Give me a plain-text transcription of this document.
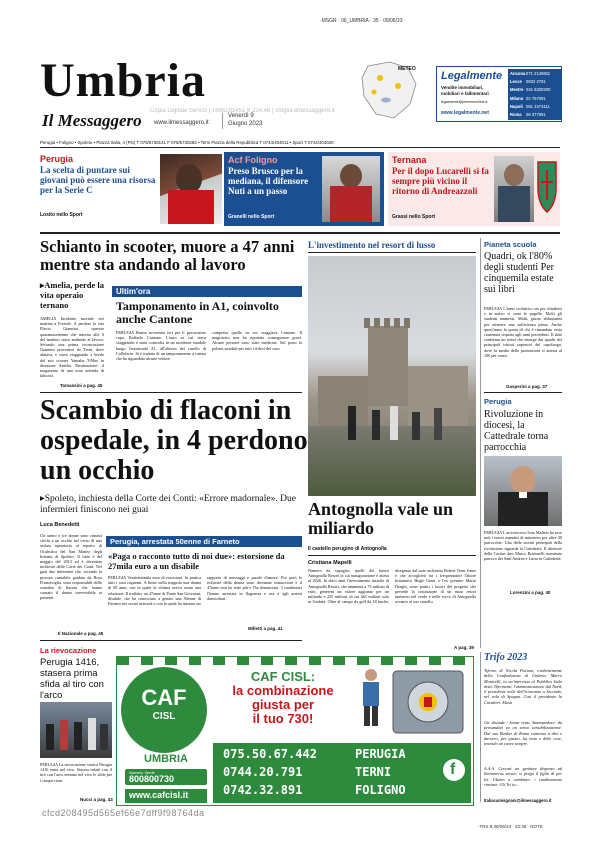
·MSGR · 06_UMBRIA · 35 · 09/06/23 ·
Umbria
Il Messaggero www.ilmessaggero.it
Venerdì 9
Giugno 2023
Copia Digitale Servizi | 1686291451 8 224.48 | sfoglia.ilmessaggero.it
METEO
Legalmente
Vendite immobiliari,
mobiliari e fallimentari
legalmente@piemmeonline.it
www.legalmente.net
Ancona071 2149811
Lecce 0832 2781
Mestre 041 5320200
Milano 02 757091
Napoli 081 2473111
Roma 06 377081
Perugia • Foligno • Spoleto • Piazza Italia, 4 (PG) T 075/5736141 F 075/5730282 • Terni Piazza della Repubblica T 0744/404011 • Sport T 0744/404020
Perugia
La scelta di puntare sui giovani può essere una risorsa per la Serie C
Losito nello Sport
Acf Foligno
Preso Brusco per la mediana, il difensore Nuti a un passo
Granelli nello Sport
Ternana
Per il dopo Lucarelli si fa sempre più vicino il ritorno di Andreazzoli
Grassi nello Sport
Schianto in scooter, muore a 47 anni mentre sta andando al lavoro
▸Amelia, perde la vita operaio ternano
AMELIA Incidente mortale ieri mattina a Fornole. A perdere la vita Flavio Giannini, operaio quarantasettenne che intorno alle 6 del mattino stava andando al lavoro. Secondo una prima ricostruzione Giannini proveniva da Terni, dove abitava, e stava viaggiando a bordo del suo scooter Yamaha T-Max in direzione Amelia. Destinazione: il magazzino di una nota azienda di latticini.
Tomassini a pag. 45
Ultim'ora
Tamponamento in A1, coinvolto anche Cantone
PERUGIA Brutta avventura ieri per il procuratore capo, Raffaele Cantone. L'auto su cui stava viaggiando è stata coinvolta in un incidente stradale lungo l'autostrada A1, all'altezza del casello di Colleferro. Si è trattato di un tamponamento a catena che ha riguardato alcune vetture,
compresa quella su cui viaggiava Cantone. Il magistrato non ha riportato conseguenze gravi. Alcune persone sono state medicate. Sul posto la polizia stradale per tutti i rilievi del caso.
Scambio di flaconi in ospedale, in 4 perdono un occhio
▸Spoleto, inchiesta della Corte dei Conti: «Errore madornale». Due infermieri finiscono nei guai
Luca Benedetti
Un uomo e tre donne sono rimasti ciechi a un occhio nel corso di una seduta operatoria al reparto di Oculistica del San Matteo degli Infermi di Spoleto. Il fatto è del maggio del 2013 ed è diventato inchiesta della Corte dei Conti. Nei guai due infermieri che, secondo la procura contabile guidata da Rosa Francaviglia, sono responsabili dello scambio di flaconi che hanno causato il danno irreversibile ai pazienti.
Il Nazionale a pag. 45
Perugia, arrestata 50enne di Farneto
«Paga o racconto tutto di noi due»: estorsione da 27mila euro a un disabile
PERUGIA Ventisettemila euro di estorsioni. In pratica tutti i suoi risparmi. A finire nella trappola una donna di 50 anni, con la quale la vittima aveva avuto una relazione. Il truffato, un 47enne di Ponte San Giovanni, disabile, che ha conosciuto a genaio una 50enne di Farneto nei social network e con la quale ha iniziato un
rapporto di messaggi e parole d'amore. Poi però le richieste della donna sono diventate minacciose e il 47enne non ha retto più e l'ha denunciata. 3 carabinieri l'hanno arrestata in flagranza e ora è agli arresti domiciliari.
Milletti a pag. 41
La rievocazione
Perugia 1416, stasera prima sfida al tiro con l'arco
PERUGIA La rievocazione storica Perugia 1416 entra nel vivo. Stasera infatti con il tiro con l'arco entrano nel vivo le sfide per i cinque rioni.
Nucci a pag. 43
CAF
CISL
UMBRIA
CAF CISL:
la combinazione
giusta per
il tuo 730!
Numero Verde
800800730
www.cafcisl.it
075.50.67.442	PERUGIA
0744.20.791	TERNI
0742.32.891	FOLIGNO
f
L'investimento nel resort di lusso
Antognolla vale un miliardo
Il castello perugino di Antognolla
Cristiana Mapelli
Numero da capogiro, quelli del futuro Antognolla Resort la cui inaugurazione è attesa al 2026. In dieci anni l'investimento iniziale di Antognolla Resort, che ammonta a 73 milioni di euro, genererà un valore aggiunto per un miliardo e 225 milioni, di cui 461 milioni solo in Umbria. Oltre al campo da golf da 18 buche, disegnato dal noto architetto Robert Trent Jones e che accoglierà tra i frequentatori l'attore britannico Hugh Grant e l'ex premier Mario Draghi, sono partiti i lavori del progetto che prevede la costruzione di un maxi resort immerso nel verde e nelle rocce di Antognolla accanto al suo castello.
A pag. 39
Pianeta scuola
Quadri, ok l'80% degli studenti Per cinquemila estate sui libri
PERUGIA L'anno scolastico sta per chiudersi e in arrivo ci sono le pagelle. Molti gli studenti ammessi. Molti, giusto abbastanza per ottenere una sufficienza piena. Anche quest'anno la quota di chi è rimandato resta contenuta rispetto agli anni precedenti. Il dato conferma un trend che emerge dai quadri dei principali istituti superiori del capoluogo, dove la media delle promozioni si attesta al 100 per cento.
Gasperini a pag. 37
Perugia
Rivoluzione in diocesi, la Cattedrale torna parrocchia
PERUGIA L'arcivescovo Ivan Maffeis ha reso noti i nuovi mandati di ministero per oltre 40 parrocchie. Una delle novità principali della rivoluzione riguarda la Cattedrale. Il direttore della Caritas don Marco Briziarelli nominato parroco dei Sant'Andrea e Lucia in Cattedrale.
Lorenzini a pag. 40
Trifo 2023
Tiferno di Nicola Pacioni, evidentemente della Confindustria di Umbria, Marco Monicelli, in un'intervista al Pubblico Italo detto Tifermenti, l'amministrazione dal Nord, il presidente nelle dell'economia a Secondo, nel volo di Spagna. Così il presidente la Cavalieri. Musa
Gir disonde / Senza venti, Sammpodore: da pensandati va un senso sensibilizzazione. Dal suo Bunker di Roma continua a dire e davvero, per questo, ha visto e delle cose, tenendo un cuore sempre.
A.A.A. Cercasi un genitore disposto ad Ibermarcos stesso: si prega il figlio di per lei. Ultimo a cambiare: i cambiamento rinviate. Gli Tri in...
Italiacamisgnani@ilmessaggero.it
cfcd208495d565ef66e7dff9f98764da
·TRS 8:36/06/23 · 22:38 · NOTE
